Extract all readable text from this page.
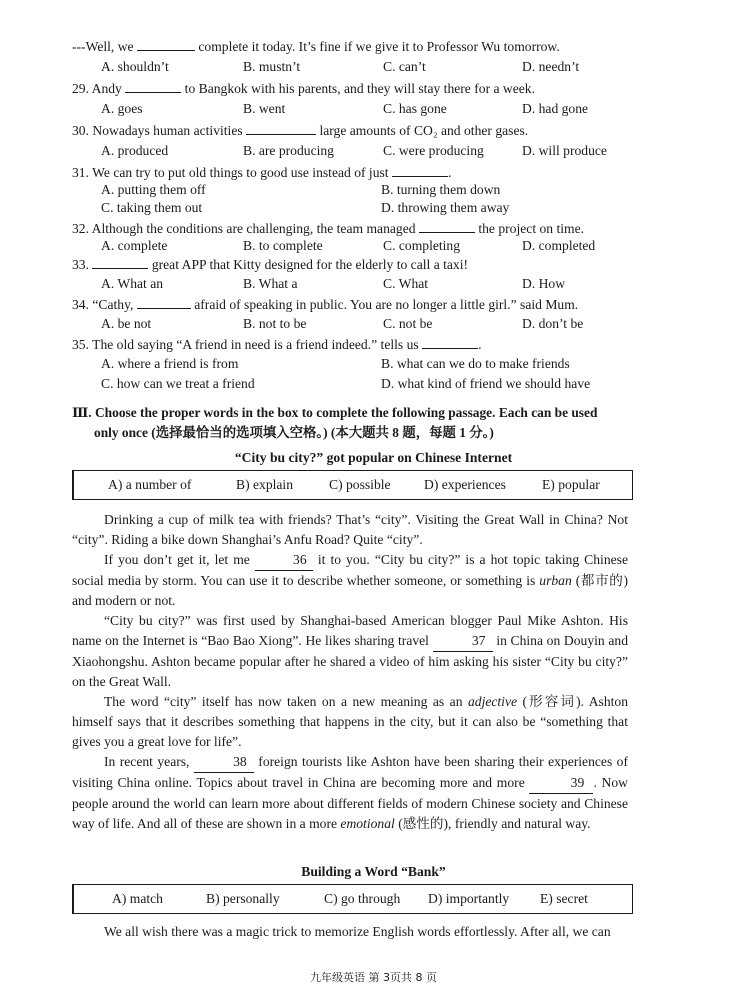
---Well, we	complete it today. It’s fine if we give it to Professor Wu tomorrow.
A. shouldn’t	B. mustn’t	C. can’t	D. needn’t
29. Andy	to Bangkok with his parents, and they will stay there for a week.
A. goes	B. went	C. has gone	D. had gone
30. Nowadays human activities	large amounts of CO₂ and other gases.
A. produced	B. are producing	C. were producing	D. will produce
31. We can try to put old things to good use instead of just	.
A. putting them off	B. turning them down
C. taking them out	D. throwing them away
32. Although the conditions are challenging, the team managed	the project on time.
A. complete	B. to complete	C. completing	D. completed
33.	great APP that Kitty designed for the elderly to call a taxi!
A. What an	B. What a	C. What	D. How
34. “Cathy,	afraid of speaking in public. You are no longer a little girl.” said Mum.
A. be not	B. not to be	C. not be	D. don’t be
35. The old saying “A friend in need is a friend indeed.” tells us	.
A. where a friend is from	B. what can we do to make friends
C. how can we treat a friend	D. what kind of friend we should have
Ⅲ. Choose the proper words in the box to complete the following passage. Each can be used
only once (选择最恰当的选项填入空格。) (本大题共 8 题，每题 1 分。)
“City bu city?” got popular on Chinese Internet
A) a number of	B) explain	C) possible D) experiences	E) popular

Drinking a cup of milk tea with friends? That’s “city”. Visiting the Great Wall in China? Not “city”. Riding a bike down Shanghai’s Anfu Road? Quite “city”.

If you don’t get it, let me	36 it to you. “City bu city?” is a hot topic taking Chinese social media by storm. You can use it to describe whether someone, or something is urban (都市的) and modern or not.

“City bu city?” was first used by Shanghai-based American blogger Paul Mike Ashton. His name on the Internet is “Bao Bao Xiong”. He likes sharing travel	37 in China on Douyin and Xiaohongshu. Ashton became popular after he shared a video of him asking his sister “City bu city?” on the Great Wall.

The word “city” itself has now taken on a new meaning as an adjective (形容词). Ashton himself says that it describes something that happens in the city, but it can also be “something that gives you a great love for life”.

In recent years,	38 foreign tourists like Ashton have been sharing their experiences of visiting China online. Topics about travel in China are becoming more and more	39 . Now people around the world can learn more about different fields of modern Chinese society and Chinese way of life. And all of these are shown in a more emotional (感性的), friendly and natural way.

Building a Word “Bank”
A) match	B) personally	C) go through D) importantly E) secret

We all wish there was a magic trick to memorize English words effortlessly. After all, we can

九年级英语 第 3页共 8 页
